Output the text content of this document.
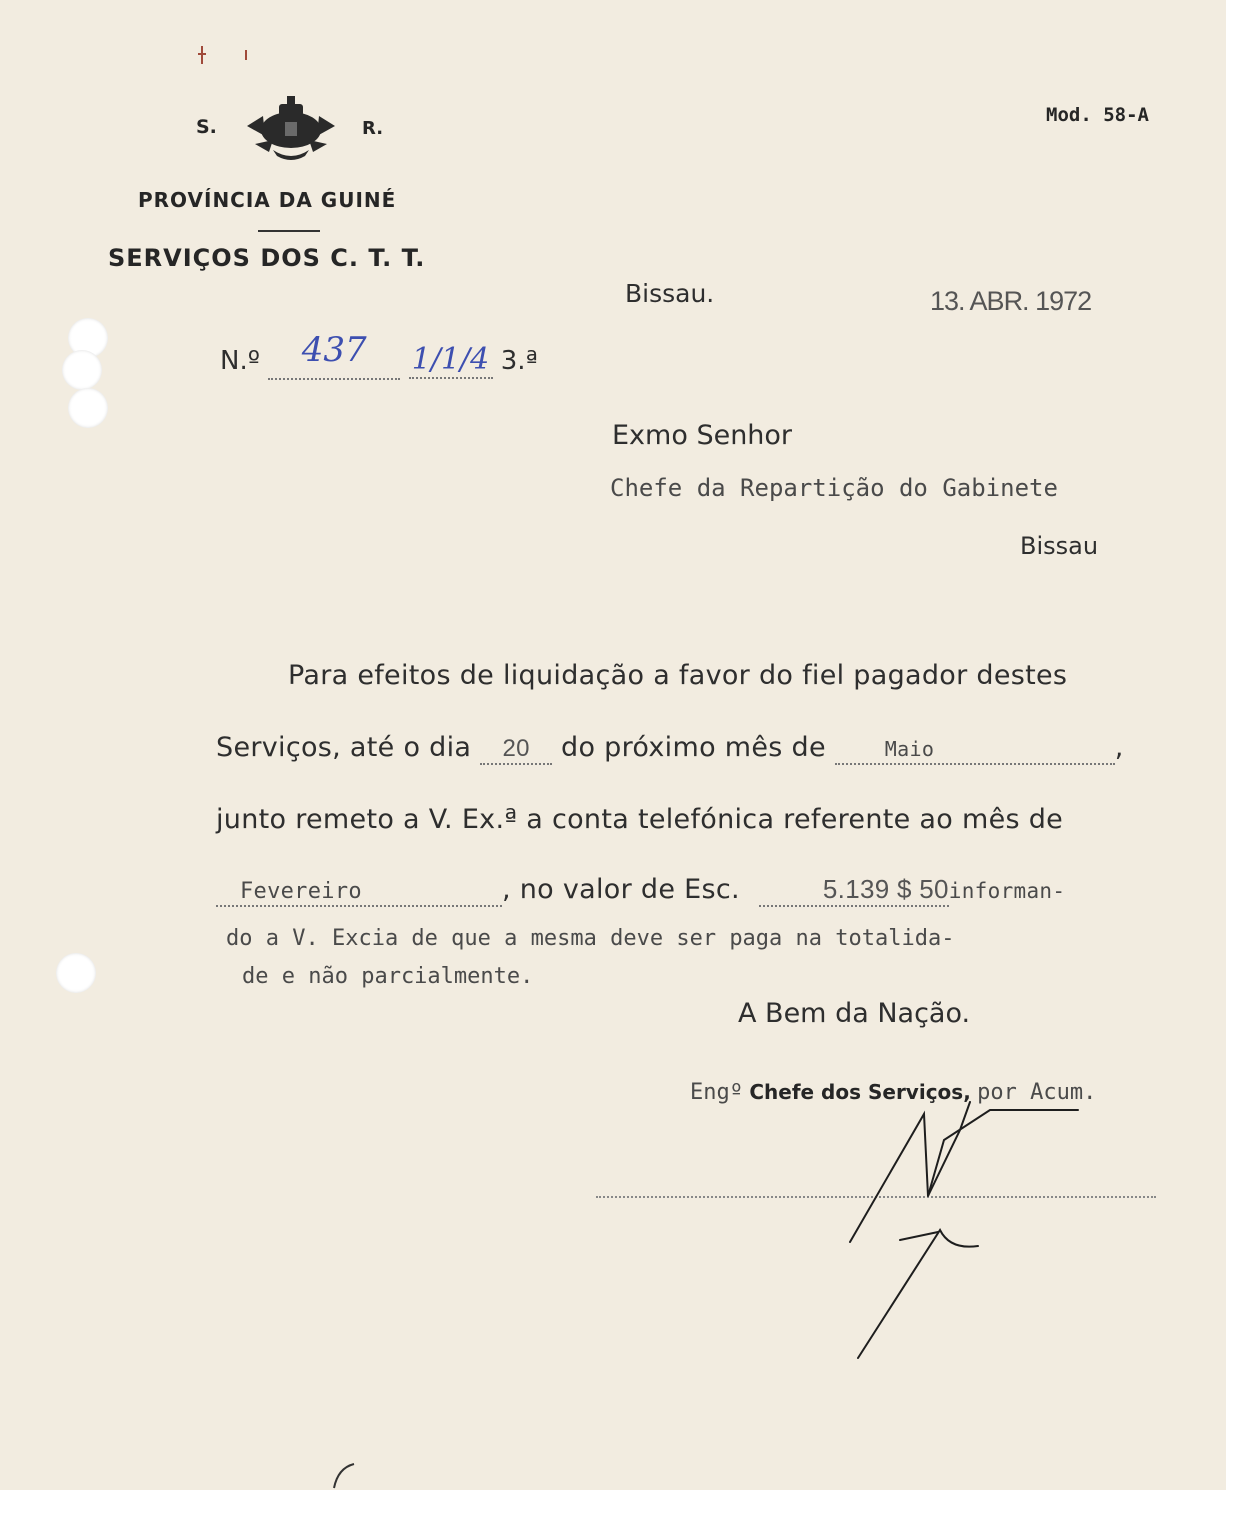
S.	R.
PROVÍNCIA DA GUINÉ
SERVIÇOS DOS C. T. T.
Mod. 58-A
Bissau.	13. ABR. 1972
N.º 437 1/1/4 3.ª
Exmo Senhor
Chefe da Repartição do Gabinete
Bissau
Para efeitos de liquidação a favor do fiel pagador destes
Serviços, até o dia 20 do próximo mês de	Maio	,
junto remeto a V. Ex.ª a conta telefónica referente ao mês de
Fevereiro	, no valor de Esc.	5.139 $ 50informan-
do a V. Excia de que a mesma deve ser paga na totalida-
de e não parcialmente.
A Bem da Nação.
Engº Chefe dos Serviços, por Acum.
